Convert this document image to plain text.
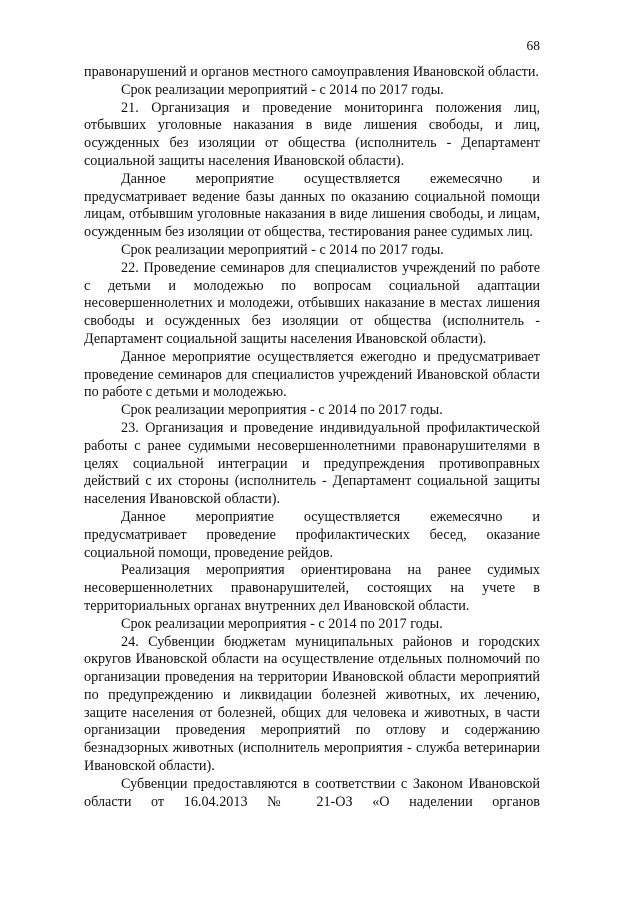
68

правонарушений и органов местного самоуправления Ивановской области.

Срок реализации мероприятий - с 2014 по 2017 годы.

21. Организация и проведение мониторинга положения лиц, отбывших уголовные наказания в виде лишения свободы, и лиц, осужденных без изоляции от общества (исполнитель - Департамент социальной защиты населения Ивановской области).

Данное мероприятие осуществляется ежемесячно и предусматривает ведение базы данных по оказанию социальной помощи лицам, отбывшим уголовные наказания в виде лишения свободы, и лицам, осужденным без изоляции от общества, тестирования ранее судимых лиц.

Срок реализации мероприятий - с 2014 по 2017 годы.

22. Проведение семинаров для специалистов учреждений по работе с детьми и молодежью по вопросам социальной адаптации несовершеннолетних и молодежи, отбывших наказание в местах лишения свободы и осужденных без изоляции от общества (исполнитель - Департамент социальной защиты населения Ивановской области).

Данное мероприятие осуществляется ежегодно и предусматривает проведение семинаров для специалистов учреждений Ивановской области по работе с детьми и молодежью.

Срок реализации мероприятия - с 2014 по 2017 годы.

23. Организация и проведение индивидуальной профилактической работы с ранее судимыми несовершеннолетними правонарушителями в целях социальной интеграции и предупреждения противоправных действий с их стороны (исполнитель - Департамент социальной защиты населения Ивановской области).

Данное мероприятие осуществляется ежемесячно и предусматривает проведение профилактических бесед, оказание социальной помощи, проведение рейдов.

Реализация мероприятия ориентирована на ранее судимых несовершеннолетних правонарушителей, состоящих на учете в территориальных органах внутренних дел Ивановской области.

Срок реализации мероприятия - с 2014 по 2017 годы.

24. Субвенции бюджетам муниципальных районов и городских округов Ивановской области на осуществление отдельных полномочий по организации проведения на территории Ивановской области мероприятий по предупреждению и ликвидации болезней животных, их лечению, защите населения от болезней, общих для человека и животных, в части организации проведения мероприятий по отлову и содержанию безнадзорных животных (исполнитель мероприятия - служба ветеринарии Ивановской области).

Субвенции предоставляются в соответствии с Законом Ивановской области от 16.04.2013 № 21-ОЗ «О наделении органов
